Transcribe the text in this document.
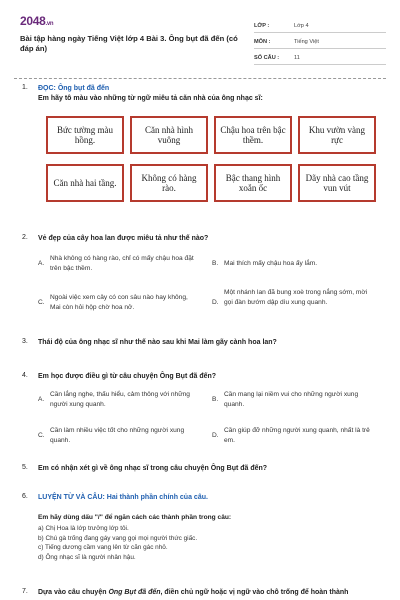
2048.vn
Bài tập hàng ngày Tiếng Việt lớp 4 Bài 3. Ông bụt đã đến (có đáp án)
LỚP :	Lớp 4
MÔN :	Tiếng Việt
SỐ CÂU :	11
1. ĐỌC: Ông bụt đã đến
Em hãy tô màu vào những từ ngữ miêu tả căn nhà của ông nhạc sĩ:
Bức tường màu hồng.
Căn nhà hình vuông
Chậu hoa trên bậc thềm.
Khu vườn vàng rực
Căn nhà hai tầng.	Không có hàng rào.
Bậc thang hình xoắn ốc
Dãy nhà cao tầng vun vút
2. Vẻ đẹp của cây hoa lan được miêu tả như thế nào?
A.
Nhà không có hàng rào, chỉ có mấy chậu hoa đặt trên bậc thềm.
B. Mai thích mấy chậu hoa ấy lắm.
C.
Ngoài việc xem cây có con sâu nào hay không, Mai còn hỏi hộp chờ hoa nở.
D.
Một nhánh lan đã bung xoè trong nắng sớm, mời gọi đàn bướm dập dìu xung quanh.
3. Thái độ của ông nhạc sĩ như thế nào sau khi Mai làm gãy cành hoa lan?
4. Em học được điều gì từ câu chuyện Ông Bụt đã đến?
A.
Cần lắng nghe, thấu hiểu, cảm thông với những người xung quanh.
B.
Cần mang lại niềm vui cho những người xung quanh.
C.
Cần làm nhiều việc tốt cho những người xung quanh.
D.
Cần giúp đỡ những người xung quanh, nhất là trẻ em.
5. Em có nhận xét gì về ông nhạc sĩ trong câu chuyện Ông Bụt đã đến?
6. LUYỆN TỪ VÀ CÂU: Hai thành phần chính của câu.
Em hãy dùng dấu "/" để ngăn cách các thành phần trong câu:
a) Chị Hoa là lớp trưởng lớp tôi.
b) Chú gà trống đang gáy vang gọi mọi người thức giấc.
c) Tiếng dương cầm vang lên từ căn gác nhỏ.
d) Ông nhạc sĩ là người nhân hậu.
7. Dựa vào câu chuyện Ông Bụt đã đến, điền chủ ngữ hoặc vị ngữ vào chỗ trống để hoàn thành
